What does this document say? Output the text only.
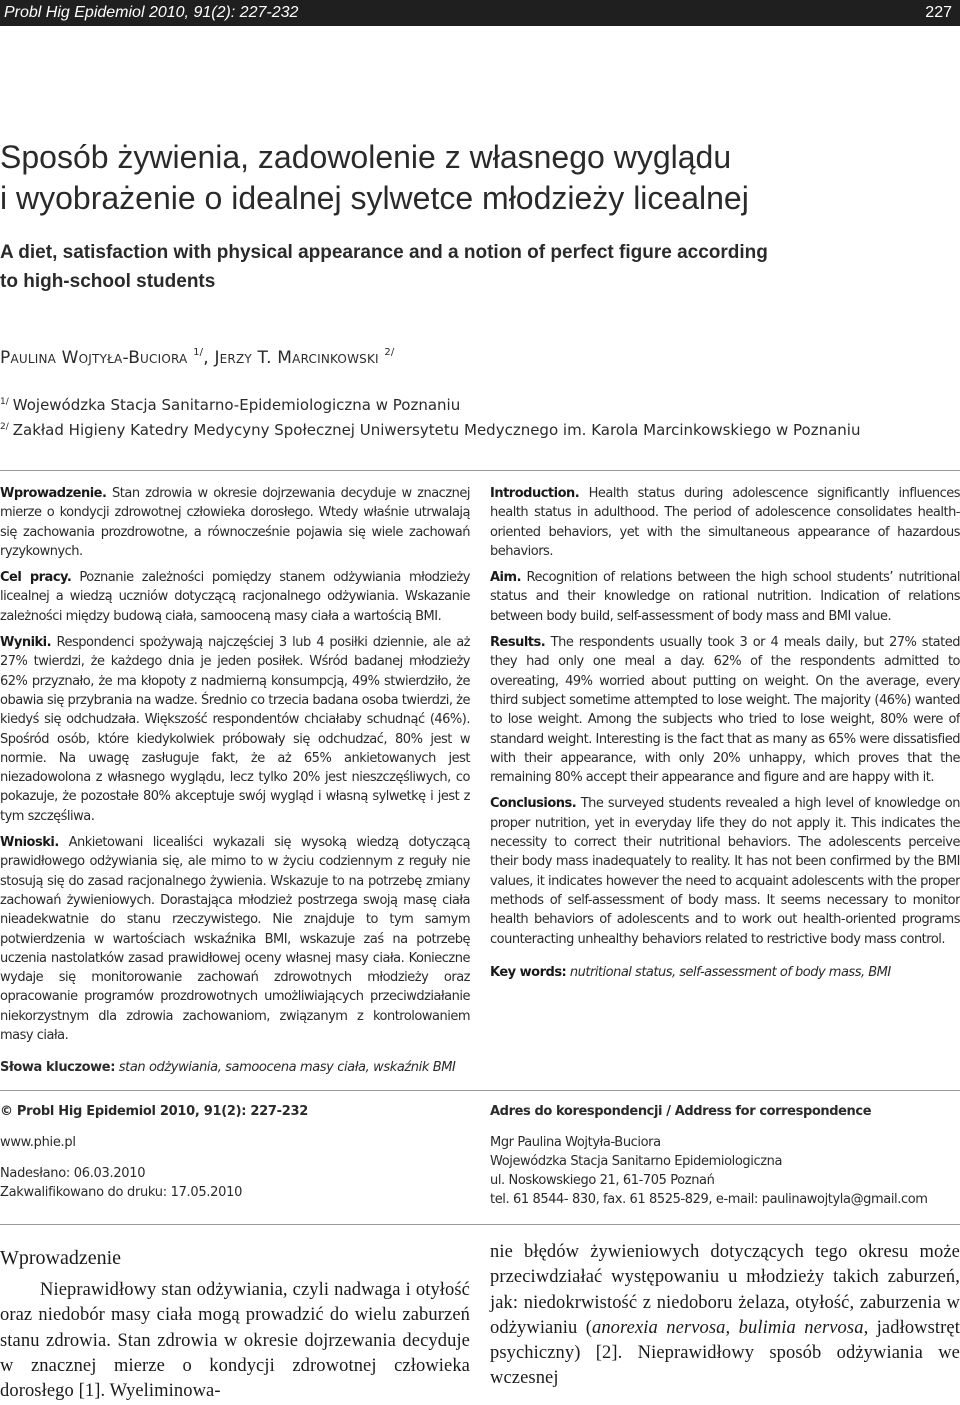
Probl Hig Epidemiol 2010, 91(2): 227-232	227
Sposób żywienia, zadowolenie z własnego wyglądu
i wyobrażenie o idealnej sylwetce młodzieży licealnej
A diet, satisfaction with physical appearance and a notion of perfect figure according
to high-school students
Paulina Wojtyła-Buciora $^{1/}$, Jerzy T. Marcinkowski $^{2/}$
$^{1/}$ Wojewódzka Stacja Sanitarno-Epidemiologiczna w Poznaniu
$^{2/}$ Zakład Higieny Katedry Medycyny Społecznej Uniwersytetu Medycznego im. Karola Marcinkowskiego w Poznaniu

Wprowadzenie. Stan zdrowia w okresie dojrzewania decyduje w znacznej mierze o kondycji zdrowotnej człowieka dorosłego. Wtedy właśnie utrwalają się zachowania prozdrowotne, a równocześnie pojawia się wiele zachowań ryzykownych.

Cel pracy. Poznanie zależności pomiędzy stanem odżywiania młodzieży licealnej a wiedzą uczniów dotyczącą racjonalnego odżywiania. Wskazanie zależności między budową ciała, samooceną masy ciała a wartością BMI.

Wyniki. Respondenci spożywają najczęściej 3 lub 4 posiłki dziennie, ale aż 27% twierdzi, że każdego dnia je jeden posiłek. Wśród badanej młodzieży 62% przyznało, że ma kłopoty z nadmierną konsumpcją, 49% stwierdziło, że obawia się przybrania na wadze. Średnio co trzecia badana osoba twierdzi, że kiedyś się odchudzała. Większość respondentów chciałaby schudnąć (46%). Spośród osób, które kiedykolwiek próbowały się odchudzać, 80% jest w normie. Na uwagę zasługuje fakt, że aż 65% ankietowanych jest niezadowolona z własnego wyglądu, lecz tylko 20% jest nieszczęśliwych, co pokazuje, że pozostałe 80% akceptuje swój wygląd i własną sylwetkę i jest z tym szczęśliwa.

Wnioski. Ankietowani licealiści wykazali się wysoką wiedzą dotyczącą prawidłowego odżywiania się, ale mimo to w życiu codziennym z reguły nie stosują się do zasad racjonalnego żywienia. Wskazuje to na potrzebę zmiany zachowań żywieniowych. Dorastająca młodzież postrzega swoją masę ciała nieadekwatnie do stanu rzeczywistego. Nie znajduje to tym samym potwierdzenia w wartościach wskaźnika BMI, wskazuje zaś na potrzebę uczenia nastolatków zasad prawidłowej oceny własnej masy ciała. Konieczne wydaje się monitorowanie zachowań zdrowotnych młodzieży oraz opracowanie programów prozdrowotnych umożliwiających przeciwdziałanie niekorzystnym dla zdrowia zachowaniom, związanym z kontrolowaniem masy ciała.

Introduction. Health status during adolescence significantly influences health status in adulthood. The period of adolescence consolidates health-oriented behaviors, yet with the simultaneous appearance of hazardous behaviors.

Aim. Recognition of relations between the high school students’ nutritional status and their knowledge on rational nutrition. Indication of relations between body build, self-assessment of body mass and BMI value.

Results. The respondents usually took 3 or 4 meals daily, but 27% stated they had only one meal a day. 62% of the respondents admitted to overeating, 49% worried about putting on weight. On the average, every third subject sometime attempted to lose weight. The majority (46%) wanted to lose weight. Among the subjects who tried to lose weight, 80% were of standard weight. Interesting is the fact that as many as 65% were dissatisfied with their appearance, with only 20% unhappy, which proves that the remaining 80% accept their appearance and figure and are happy with it.

Conclusions. The surveyed students revealed a high level of knowledge on proper nutrition, yet in everyday life they do not apply it. This indicates the necessity to correct their nutritional behaviors. The adolescents perceive their body mass inadequately to reality. It has not been confirmed by the BMI values, it indicates however the need to acquaint adolescents with the proper methods of self-assessment of body mass. It seems necessary to monitor health behaviors of adolescents and to work out health-oriented programs counteracting unhealthy behaviors related to restrictive body mass control.

Key words: nutritional status, self-assessment of body mass, BMI

Słowa kluczowe: stan odżywiania, samoocena masy ciała, wskaźnik BMI
© Probl Hig Epidemiol 2010, 91(2): 227-232
www.phie.pl
Nadesłano: 06.03.2010
Zakwalifikowano do druku: 17.05.2010
Adres do korespondencji / Address for correspondence
Mgr Paulina Wojtyła-Buciora
Wojewódzka Stacja Sanitarno Epidemiologiczna
ul. Noskowskiego 21, 61-705 Poznań
tel. 61 8544- 830, fax. 61 8525-829, e-mail: paulinawojtyla@gmail.com
Wprowadzenie

Nieprawidłowy stan odżywiania, czyli nadwaga i otyłość oraz niedobór masy ciała mogą prowadzić do wielu zaburzeń stanu zdrowia. Stan zdrowia w okresie dojrzewania decyduje w znacznej mierze o kondycji zdrowotnej człowieka dorosłego [1]. Wyeliminowa-

nie błędów żywieniowych dotyczących tego okresu może przeciwdziałać występowaniu u młodzieży takich zaburzeń, jak: niedokrwistość z niedoboru żelaza, otyłość, zaburzenia w odżywianiu (anorexia nervosa, bulimia nervosa, jadłowstręt psychiczny) [2]. Nieprawidłowy sposób odżywiania we wczesnej
